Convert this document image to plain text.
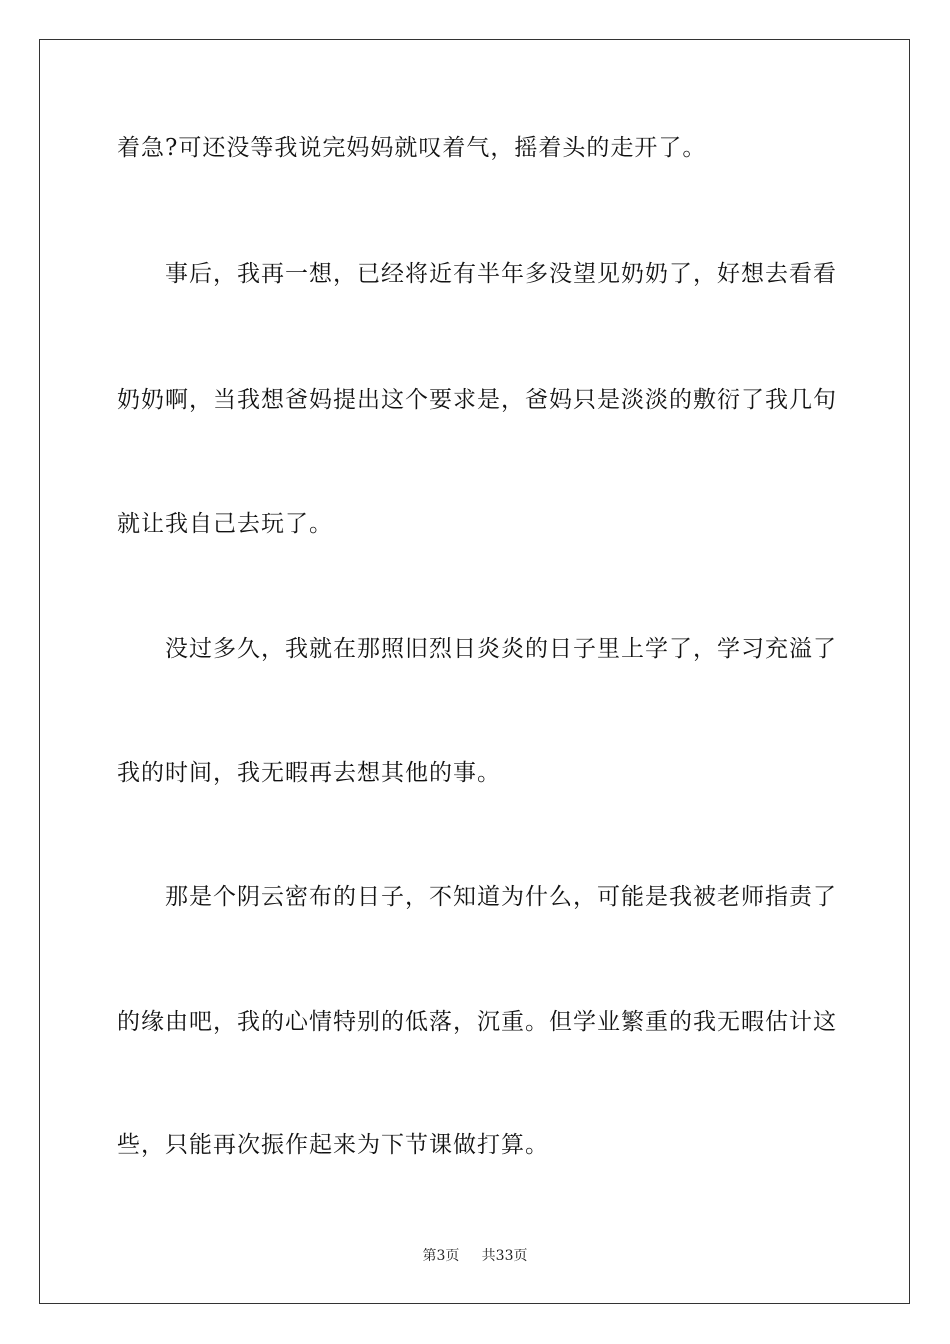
着急?可还没等我说完妈妈就叹着气，摇着头的走开了。
　　事后，我再一想，已经将近有半年多没望见奶奶了，好想去看看
奶奶啊，当我想爸妈提出这个要求是，爸妈只是淡淡的敷衍了我几句
就让我自己去玩了。
　　没过多久，我就在那照旧烈日炎炎的日子里上学了，学习充溢了
我的时间，我无暇再去想其他的事。
　　那是个阴云密布的日子，不知道为什么，可能是我被老师指责了
的缘由吧，我的心情特别的低落，沉重。但学业繁重的我无暇估计这
些，只能再次振作起来为下节课做打算。
第3页 共33页
